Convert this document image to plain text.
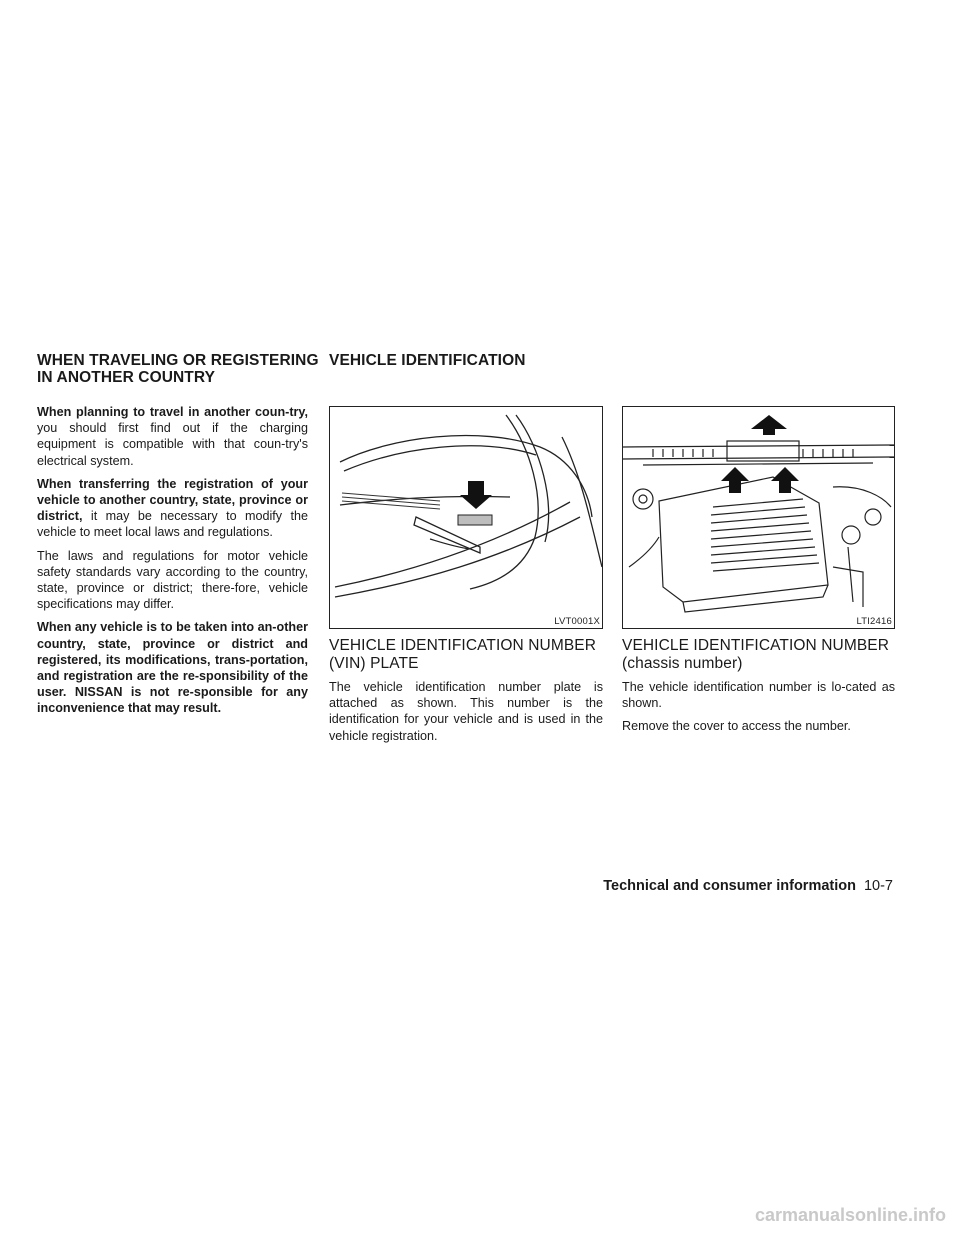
WHEN TRAVELING OR REGISTERING
IN ANOTHER COUNTRY
VEHICLE IDENTIFICATION

When planning to travel in another coun-try, you should first find out if the charging equipment is compatible with that coun-try's electrical system.

When transferring the registration of your vehicle to another country, state, province or district, it may be necessary to modify the vehicle to meet local laws and regulations.

The laws and regulations for motor vehicle safety standards vary according to the country, state, province or district; there-fore, vehicle specifications may differ.

When any vehicle is to be taken into an-other country, state, province or district and registered, its modifications, trans-portation, and registration are the re-sponsibility of the user. NISSAN is not re-sponsible for any inconvenience that may result.

LVT0001X	LTI2416
VEHICLE IDENTIFICATION NUMBER
(VIN) PLATE

The vehicle identification number plate is attached as shown. This number is the identification for your vehicle and is used in the vehicle registration.

VEHICLE IDENTIFICATION NUMBER
(chassis number)

The vehicle identification number is lo-cated as shown.

Remove the cover to access the number.

Technical and consumer information 10-7
carmanualsonline.info
